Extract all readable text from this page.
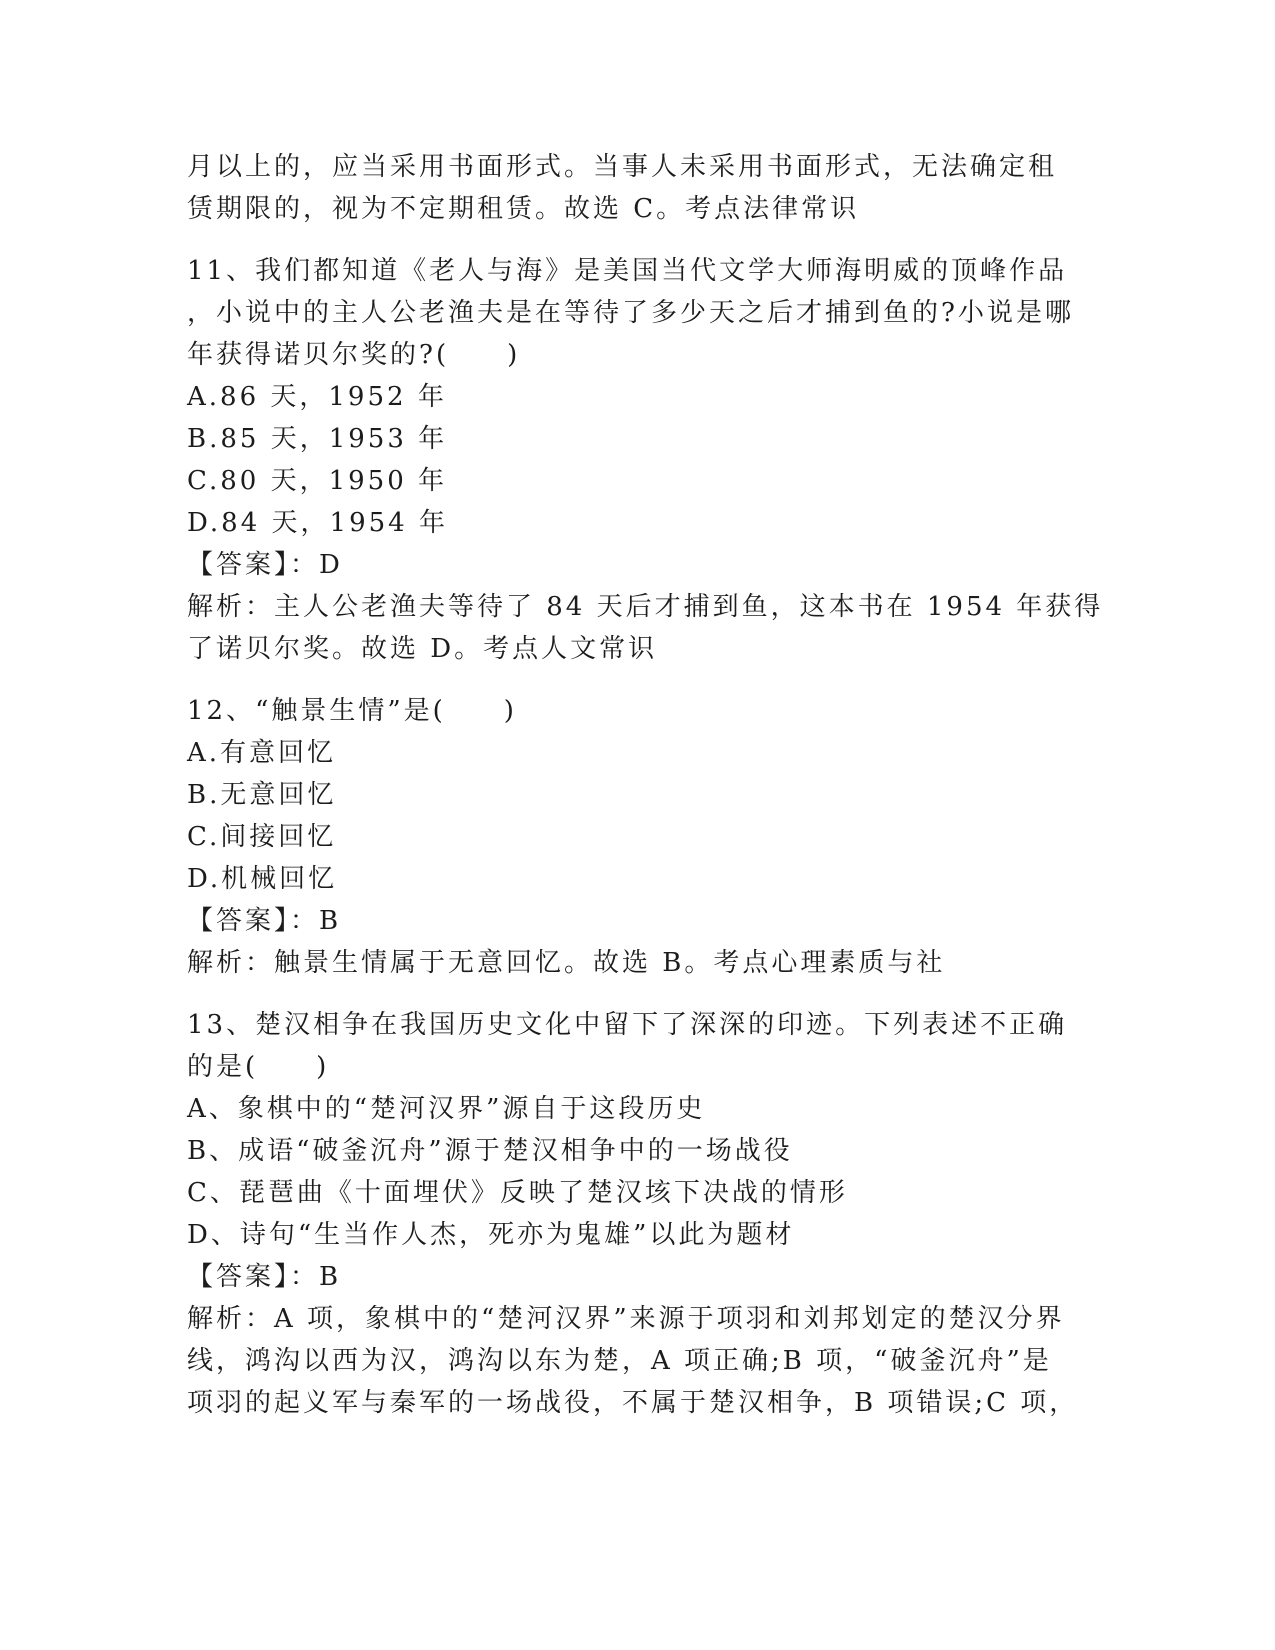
月以上的，应当采用书面形式。当事人未采用书面形式，无法确定租
赁期限的，视为不定期租赁。故选 C。考点法律常识
11、我们都知道《老人与海》是美国当代文学大师海明威的顶峰作品
，小说中的主人公老渔夫是在等待了多少天之后才捕到鱼的?小说是哪
年获得诺贝尔奖的?(　　)
A.86 天，1952 年
B.85 天，1953 年
C.80 天，1950 年
D.84 天，1954 年
【答案】：D
解析：主人公老渔夫等待了 84 天后才捕到鱼，这本书在 1954 年获得
了诺贝尔奖。故选 D。考点人文常识
12、“触景生情”是(　　)
A.有意回忆
B.无意回忆
C.间接回忆
D.机械回忆
【答案】：B
解析：触景生情属于无意回忆。故选 B。考点心理素质与社
13、楚汉相争在我国历史文化中留下了深深的印迹。下列表述不正确
的是(　　)
A、象棋中的“楚河汉界”源自于这段历史
B、成语“破釜沉舟”源于楚汉相争中的一场战役
C、琵琶曲《十面埋伏》反映了楚汉垓下决战的情形
D、诗句“生当作人杰，死亦为鬼雄”以此为题材
【答案】：B
解析：A 项，象棋中的“楚河汉界”来源于项羽和刘邦划定的楚汉分界
线，鸿沟以西为汉，鸿沟以东为楚，A 项正确;B 项，“破釜沉舟”是
项羽的起义军与秦军的一场战役，不属于楚汉相争，B 项错误;C 项，
